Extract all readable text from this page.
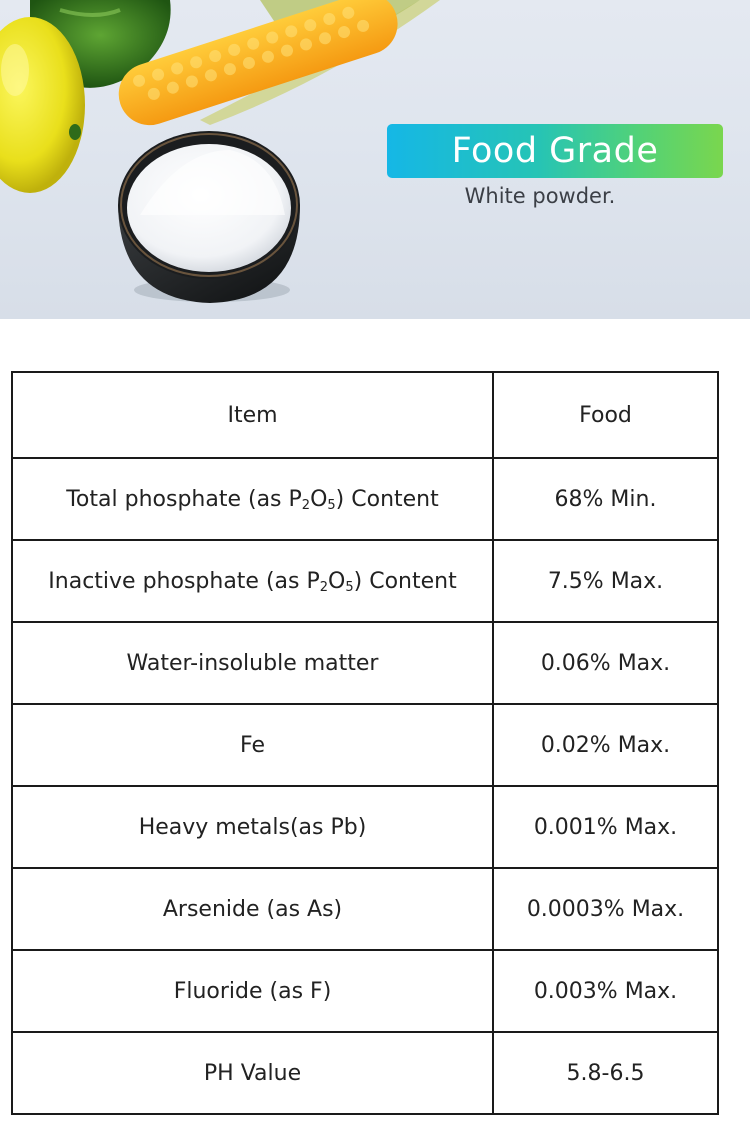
Food Grade
White powder.
Item	Food
Total phosphate (as $P_2O_5$) Content	68% Min.
Inactive phosphate (as $P_2O_5$) Content	7.5% Max.
Water-insoluble matter	0.06% Max.
Fe	0.02% Max.
Heavy metals(as Pb)	0.001% Max.
Arsenide (as As)	0.0003% Max.
Fluoride (as F)	0.003% Max.
PH Value	5.8-6.5
